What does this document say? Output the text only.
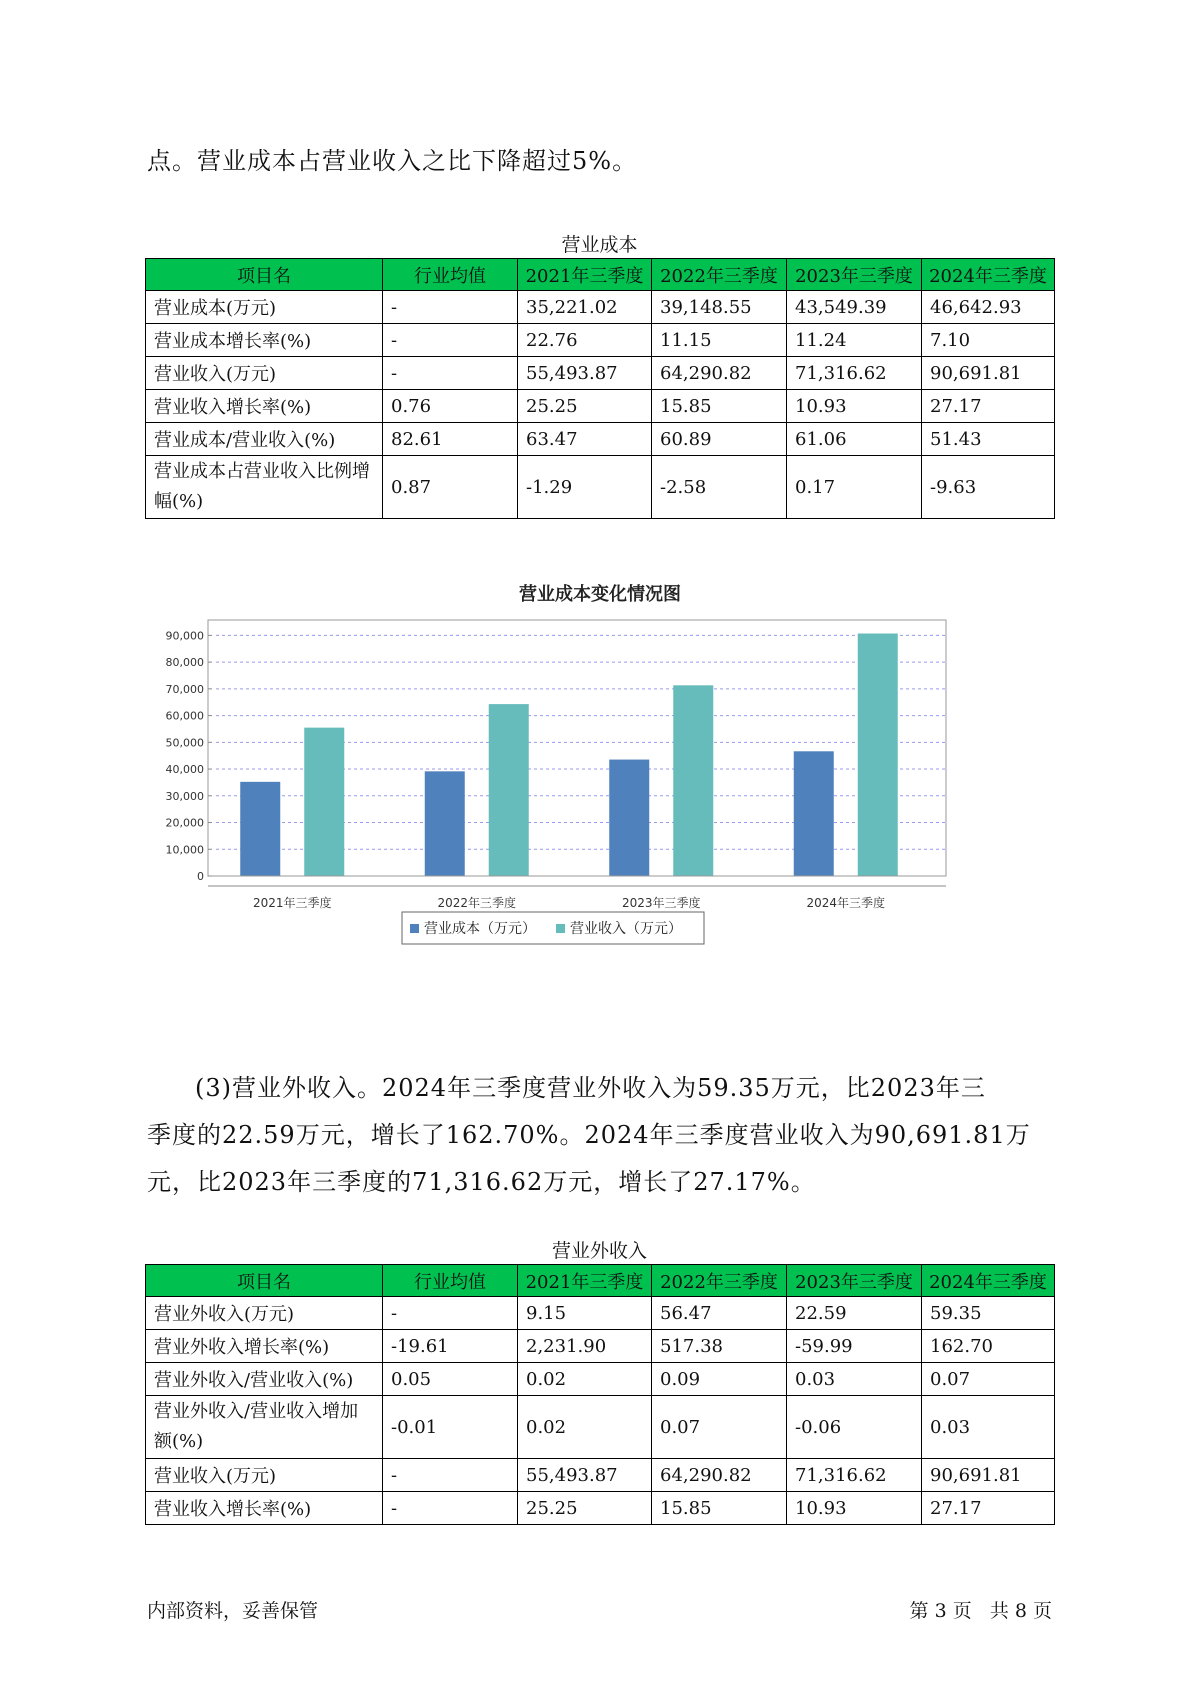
点。营业成本占营业收入之比下降超过5%。
营业成本
项目名	行业均值	2021年三季度	2022年三季度	2023年三季度	2024年三季度
营业成本(万元)	-	35,221.02	39,148.55	43,549.39	46,642.93
营业成本增长率(%)	-	22.76	11.15	11.24	7.10
营业收入(万元)	-	55,493.87	64,290.82	71,316.62	90,691.81
营业收入增长率(%)	0.76	25.25	15.85	10.93	27.17
营业成本/营业收入(%)	82.61	63.47	60.89	61.06	51.43
营业成本占营业收入比例增幅(%)	0.87	-1.29	-2.58	0.17	-9.63
营业成本变化情况图
0
10,000
20,000
30,000
40,000
50,000
60,000
70,000
80,000
90,000
2021年三季度	2022年三季度	2023年三季度	2024年三季度
营业成本（万元） 营业收入（万元）
(3)营业外收入。2024年三季度营业外收入为59.35万元，比2023年三
季度的22.59万元，增长了162.70%。2024年三季度营业收入为90,691.81万
元，比2023年三季度的71,316.62万元，增长了27.17%。
营业外收入
项目名	行业均值	2021年三季度	2022年三季度	2023年三季度	2024年三季度
营业外收入(万元)	-	9.15	56.47	22.59	59.35
营业外收入增长率(%)	-19.61	2,231.90	517.38	-59.99	162.70
营业外收入/营业收入(%)	0.05	0.02	0.09	0.03	0.07
营业外收入/营业收入增加额(%)	-0.01	0.02	0.07	-0.06	0.03
营业收入(万元)	-	55,493.87	64,290.82	71,316.62	90,691.81
营业收入增长率(%)	-	25.25	15.85	10.93	27.17
内部资料，妥善保管	第 3 页   共 8 页
